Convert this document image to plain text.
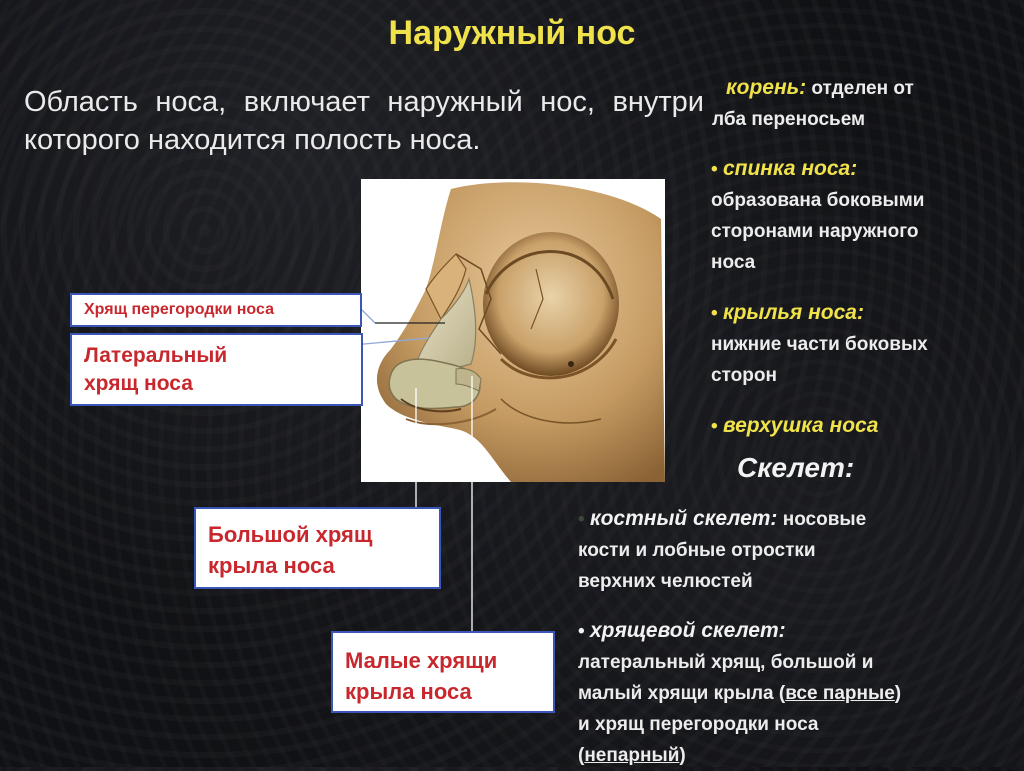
Наружный нос
Область носа, включает наружный нос, внутри которого находится полость носа.
Хрящ перегородки носа
Латеральный
хрящ носа
Большой хрящ
крыла носа
Малые хрящи
крыла носа
корень: отделен от
лба переносьем
• спинка носа:
образована боковыми
сторонами наружного
носа
• крылья носа:
нижние части боковых
сторон
• верхушка носа
Скелет:
• костный скелет: носовые
кости и лобные отростки
верхних челюстей
• хрящевой скелет:
латеральный хрящ, большой и
малый хрящи крыла (все парные)
и хрящ перегородки носа
(непарный)
